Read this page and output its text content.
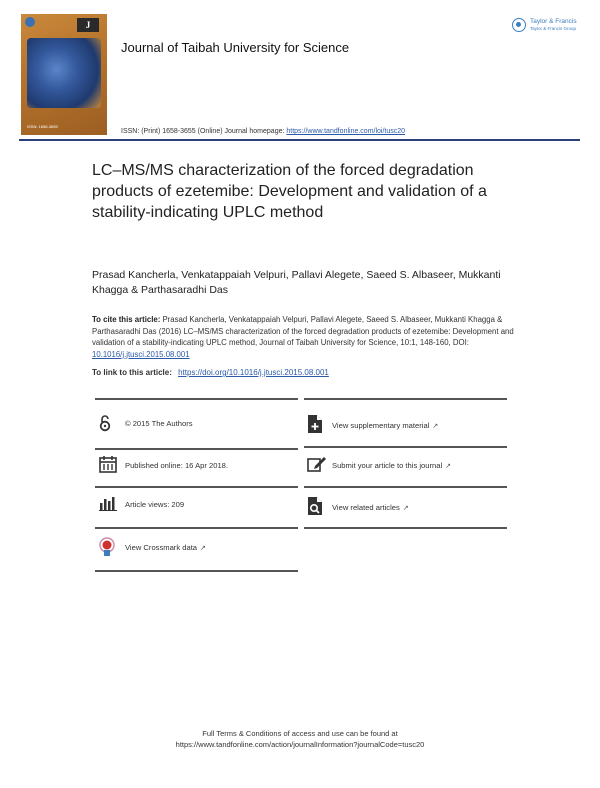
J
ISSN: 1658-3655
Journal of Taibah University for Science
Taylor & Francis
Taylor & Francis Group
ISSN: (Print) 1658-3655 (Online) Journal homepage: https://www.tandfonline.com/loi/tusc20
LC–MS/MS characterization of the forced degradation products of ezetemibe: Development and validation of a stability-indicating UPLC method
Prasad Kancherla, Venkatappaiah Velpuri, Pallavi Alegete, Saeed S. Albaseer, Mukkanti Khagga & Parthasaradhi Das
To cite this article: Prasad Kancherla, Venkatappaiah Velpuri, Pallavi Alegete, Saeed S. Albaseer, Mukkanti Khagga & Parthasaradhi Das (2016) LC–MS/MS characterization of the forced degradation products of ezetemibe: Development and validation of a stability-indicating UPLC method, Journal of Taibah University for Science, 10:1, 148-160, DOI: 10.1016/j.jtusci.2015.08.001
To link to this article: https://doi.org/10.1016/j.jtusci.2015.08.001
© 2015 The Authors
Published online: 16 Apr 2018.
Article views: 209
View Crossmark data ↗
View supplementary material ↗
Submit your article to this journal ↗
View related articles ↗
Full Terms & Conditions of access and use can be found at
https://www.tandfonline.com/action/journalInformation?journalCode=tusc20
